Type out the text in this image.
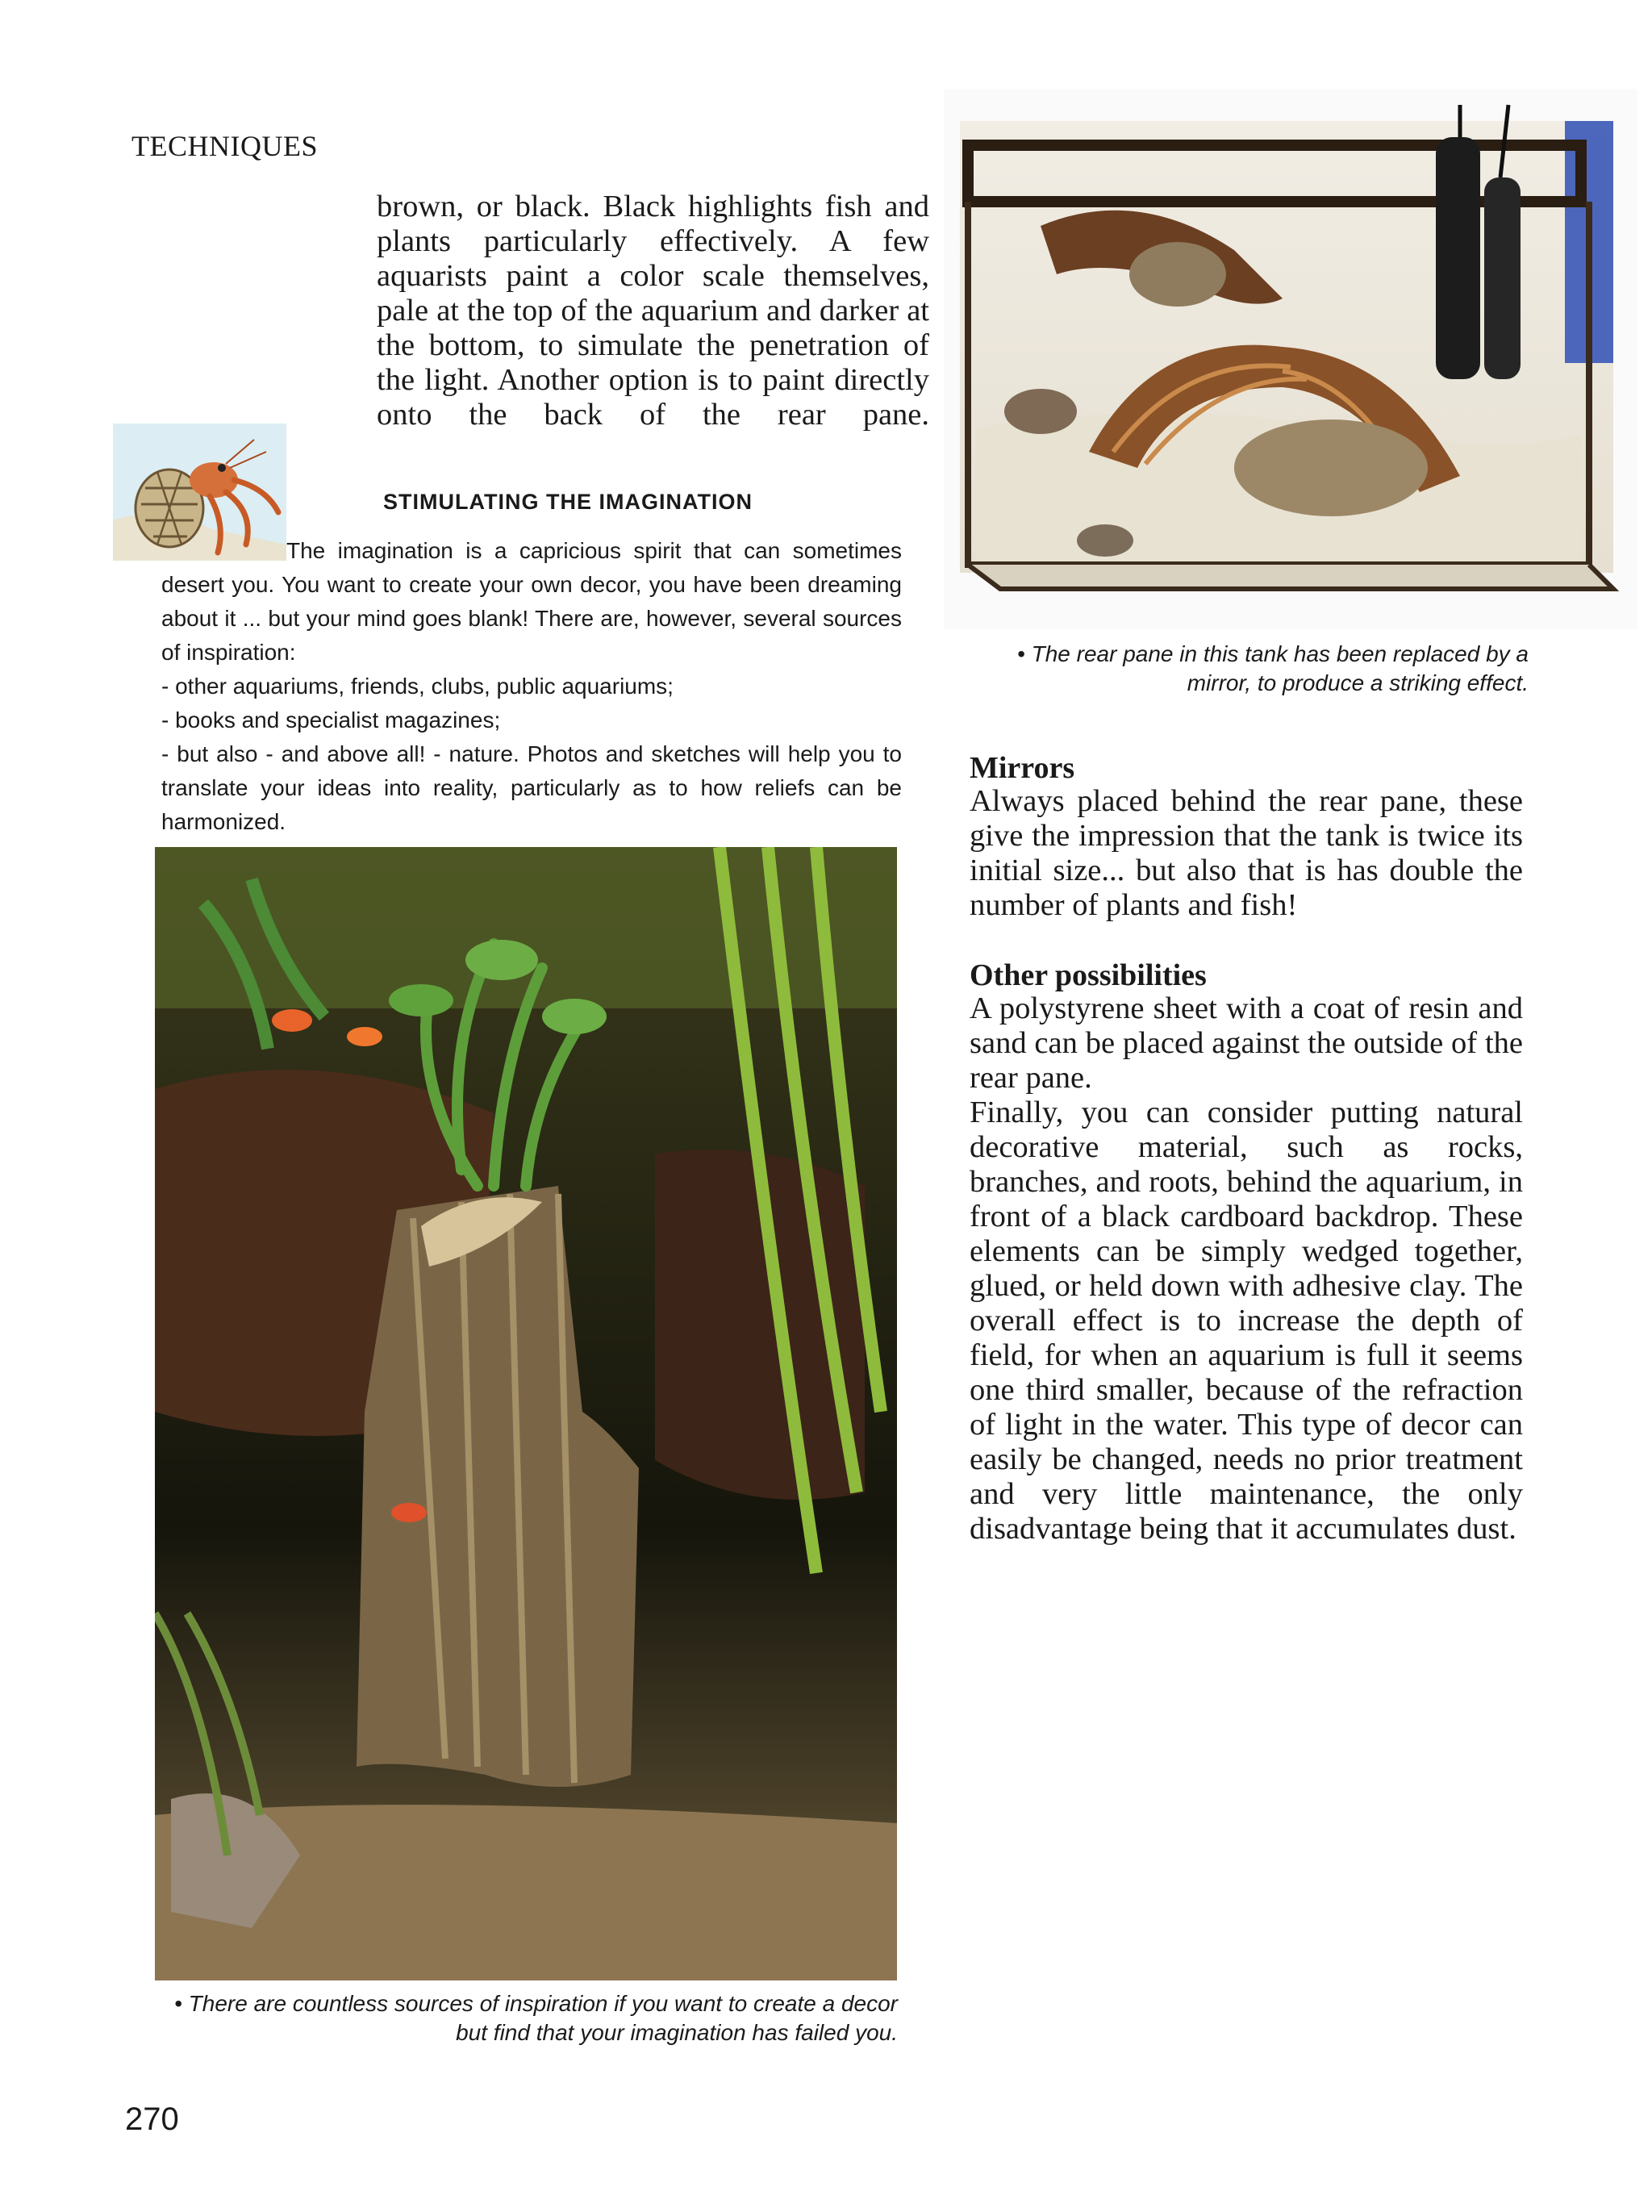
TECHNIQUES
brown, or black. Black highlights fish and plants particularly effectively. A few aquarists paint a color scale themselves, pale at the top of the aquarium and darker at the bottom, to simulate the penetration of the light. Another option is to paint directly onto the back of the rear pane.
STIMULATING THE IMAGINATION

The imagination is a capricious spirit that can sometimes desert you. You want to create your own decor, you have been dreaming about it ... but your mind goes blank! There are, however, several sources of inspiration:

- other aquariums, friends, clubs, public aquariums;

- books and specialist magazines;

- but also - and above all! - nature. Photos and sketches will help you to translate your ideas into reality, particularly as to how reliefs can be harmonized.

• The rear pane in this tank has been replaced by a mirror, to produce a striking effect.
• There are countless sources of inspiration if you want to create a decor but find that your imagination has failed you.
Mirrors
Always placed behind the rear pane, these give the impression that the tank is twice its initial size... but also that is has double the number of plants and fish!
Other possibilities

A polystyrene sheet with a coat of resin and sand can be placed against the outside of the rear pane.

Finally, you can consider putting natural decorative material, such as rocks, branches, and roots, behind the aquarium, in front of a black cardboard backdrop. These elements can be simply wedged together, glued, or held down with adhesive clay. The overall effect is to increase the depth of field, for when an aquarium is full it seems one third smaller, because of the refraction of light in the water. This type of decor can easily be changed, needs no prior treatment and very little maintenance, the only disadvantage being that it accumulates dust.

270
